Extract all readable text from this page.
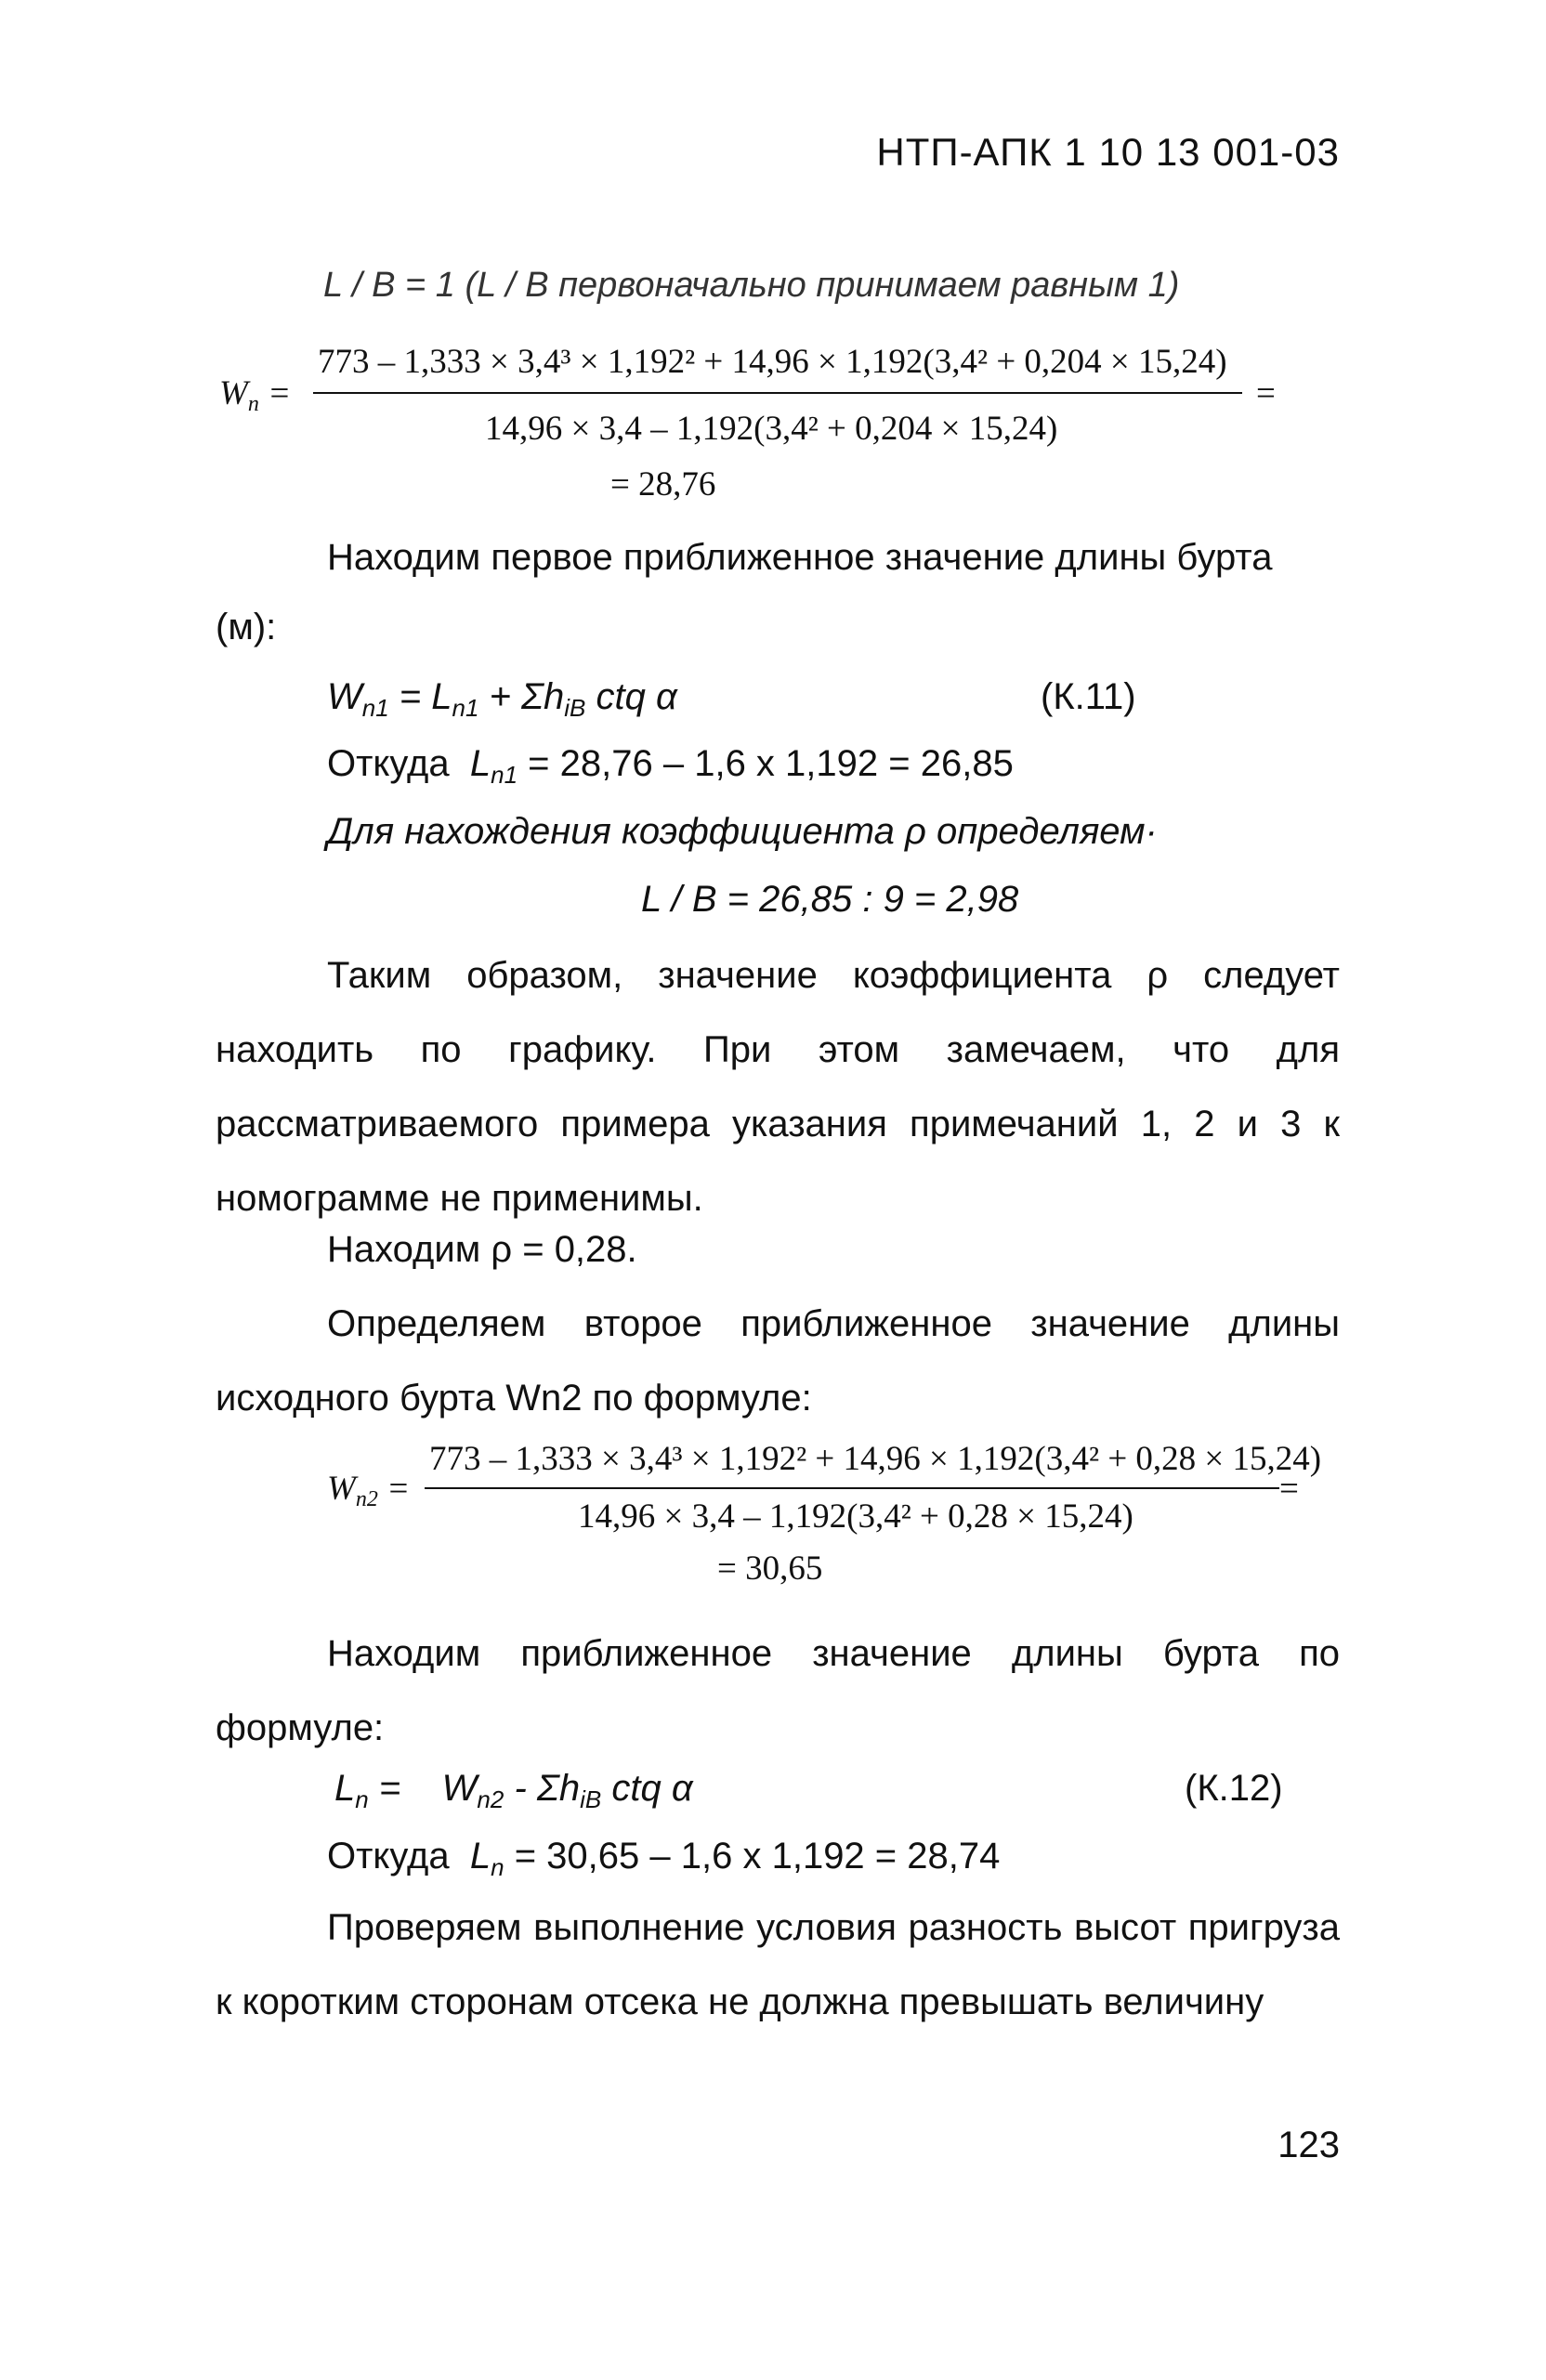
НТП-АПК 1 10 13 001-03
L / B = 1 (L / B первоначально принимаем равным 1)
$W_n$ =
773 – 1,333 × 3,4³ × 1,192² + 14,96 × 1,192(3,4² + 0,204 × 15,24)
=
14,96 × 3,4 – 1,192(3,4² + 0,204 × 15,24)
= 28,76
Находим первое приближенное значение длины бурта
(м):
$W_{n1} = L_{n1} + \Sigma h_{iB}$ ctq α	(К.11)
Откуда $L_{n1} = 28,76 - 1,6$ х 1,192 = 26,85
Для нахождения коэффициента ρ определяем·
L / B = 26,85 : 9 = 2,98
Таким образом, значение коэффициента ρ следует находить по графику. При этом замечаем, что для рассматриваемого примера указания примечаний 1, 2 и 3 к номограмме не применимы.
Находим ρ = 0,28.
Определяем второе приближенное значение длины исходного бурта Wn2 по формуле:
$W_{n2}$ =
773 – 1,333 × 3,4³ × 1,192² + 14,96 × 1,192(3,4² + 0,28 × 15,24)
=
14,96 × 3,4 – 1,192(3,4² + 0,28 × 15,24)
= 30,65
Находим приближенное значение длины бурта по формуле:
$L_n$ =    $W_{n2} - \Sigma h_{iB}$ ctq α	(К.12)
Откуда $L_n = 30,65 - 1,6$ х 1,192 = 28,74
Проверяем выполнение условия разность высот пригруза к коротким сторонам отсека не должна превышать величину
123
